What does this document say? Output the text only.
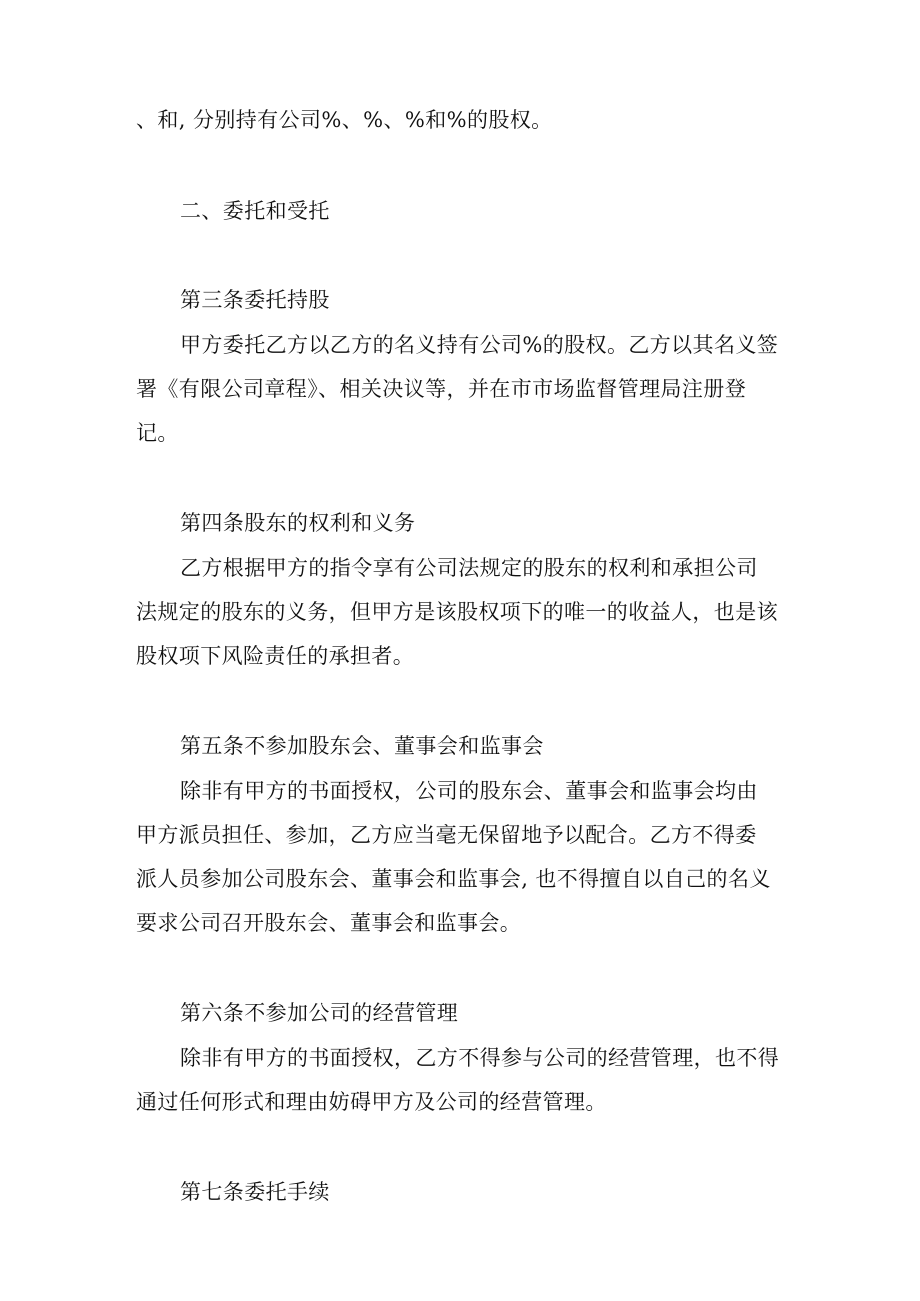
、和, 分别持有公司%、%、%和%的股权。
二、委托和受托
第三条委托持股
甲方委托乙方以乙方的名义持有公司%的股权。乙方以其名义签
署《有限公司章程》、相关决议等，并在市市场监督管理局注册登
记。
第四条股东的权利和义务
乙方根据甲方的指令享有公司法规定的股东的权利和承担公司
法规定的股东的义务，但甲方是该股权项下的唯一的收益人，也是该
股权项下风险责任的承担者。
第五条不参加股东会、董事会和监事会
除非有甲方的书面授权，公司的股东会、董事会和监事会均由
甲方派员担任、参加，乙方应当毫无保留地予以配合。乙方不得委
派人员参加公司股东会、董事会和监事会, 也不得擅自以自己的名义
要求公司召开股东会、董事会和监事会。
第六条不参加公司的经营管理
除非有甲方的书面授权，乙方不得参与公司的经营管理，也不得
通过任何形式和理由妨碍甲方及公司的经营管理。
第七条委托手续
